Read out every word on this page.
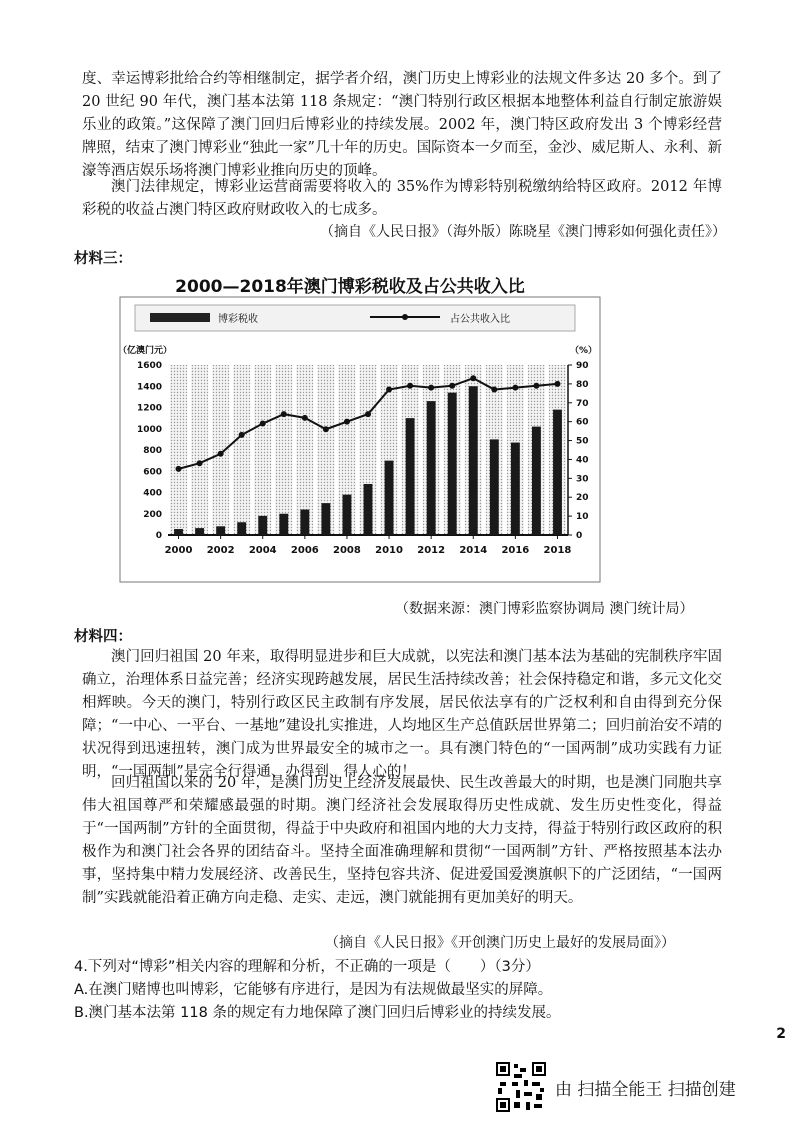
度、幸运博彩批给合约等相继制定，据学者介绍，澳门历史上博彩业的法规文件多达 20 多个。到了 20 世纪 90 年代，澳门基本法第 118 条规定：“澳门特别行政区根据本地整体利益自行制定旅游娱乐业的政策。”这保障了澳门回归后博彩业的持续发展。2002 年，澳门特区政府发出 3 个博彩经营牌照，结束了澳门博彩业“独此一家”几十年的历史。国际资本一夕而至，金沙、威尼斯人、永利、新濠等酒店娱乐场将澳门博彩业推向历史的顶峰。
澳门法律规定，博彩业运营商需要将收入的 35%作为博彩特别税缴纳给特区政府。2012 年博彩税的收益占澳门特区政府财政收入的七成多。
（摘自《人民日报》（海外版）陈晓星《澳门博彩如何强化责任》）
材料三：
2000—2018年澳门博彩税收及占公共收入比
博彩税收	占公共收入比
（亿澳门元）	（%）
0
200
400
600
800
1000
1200
1400
1600
0
10
20
30
40
50
60
70
80
90
2000 2002 2004 2006 2008 2010 2012 2014 2016 2018
（数据来源：澳门博彩监察协调局 澳门统计局）
材料四：
澳门回归祖国 20 年来，取得明显进步和巨大成就，以宪法和澳门基本法为基础的宪制秩序牢固确立，治理体系日益完善；经济实现跨越发展，居民生活持续改善；社会保持稳定和谐，多元文化交相辉映。今天的澳门，特别行政区民主政制有序发展，居民依法享有的广泛权利和自由得到充分保障；“一中心、一平台、一基地”建设扎实推进，人均地区生产总值跃居世界第二；回归前治安不靖的状况得到迅速扭转，澳门成为世界最安全的城市之一。具有澳门特色的“一国两制”成功实践有力证明，“一国两制”是完全行得通、办得到、得人心的！
回归祖国以来的 20 年，是澳门历史上经济发展最快、民生改善最大的时期，也是澳门同胞共享伟大祖国尊严和荣耀感最强的时期。澳门经济社会发展取得历史性成就、发生历史性变化，得益于“一国两制”方针的全面贯彻，得益于中央政府和祖国内地的大力支持，得益于特别行政区政府的积极作为和澳门社会各界的团结奋斗。坚持全面准确理解和贯彻“一国两制”方针、严格按照基本法办事，坚持集中精力发展经济、改善民生，坚持包容共济、促进爱国爱澳旗帜下的广泛团结，“一国两制”实践就能沿着正确方向走稳、走实、走远，澳门就能拥有更加美好的明天。
（摘自《人民日报》《开创澳门历史上最好的发展局面》）
4.下列对“博彩”相关内容的理解和分析，不正确的一项是（　　）（3分）
A.在澳门赌博也叫博彩，它能够有序进行，是因为有法规做最坚实的屏障。
B.澳门基本法第 118 条的规定有力地保障了澳门回归后博彩业的持续发展。
2
由 扫描全能王 扫描创建
